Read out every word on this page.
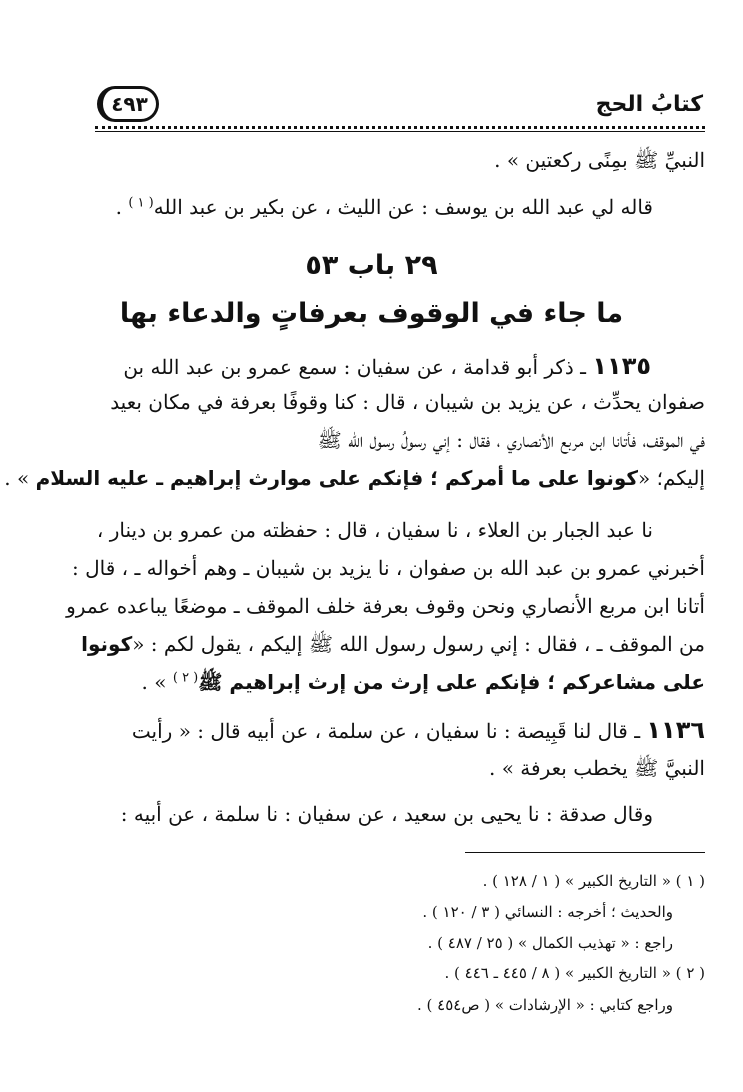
كتابُ الحج
٤٩٣
النبيِّ ﷺ بمِنًى ركعتين » .
قاله لي عبد الله بن يوسف : عن الليث ، عن بكير بن عبد الله$^{( ١ )}$ .
٢٩ باب ٥٣
ما جاء في الوقوف بعرفاتٍ والدعاء بها
١١٣٥ ـ ذكر أبو قدامة ، عن سفيان : سمع عمرو بن عبد الله بن
صفوان يحدِّث ، عن يزيد بن شيبان ، قال : كنا وقوفًا بعرفة في مكان بعيد
في الموقف، فأتانا ابن مربع الأنصاري ، فقال : إني رسولُ رسول الله ﷺ
إليكم؛ «كونوا على ما أمركم ؛ فإنكم على موارث إبراهيم ـ عليه السلام » .
نا عبد الجبار بن العلاء ، نا سفيان ، قال : حفظته من عمرو بن دينار ،
أخبرني عمرو بن عبد الله بن صفوان ، نا يزيد بن شيبان ـ وهم أخواله ـ ، قال :
أتانا ابن مربع الأنصاري ونحن وقوف بعرفة خلف الموقف ـ موضعًا يباعده عمرو
من الموقف ـ ، فقال : إني رسول رسول الله ﷺ إليكم ، يقول لكم : «كونوا
على مشاعركم ؛ فإنكم على إرث من إرث إبراهيم ﷺ$^{( ٢ )}$ » .
١١٣٦ ـ قال لنا قَبِيصة : نا سفيان ، عن سلمة ، عن أبيه قال : « رأيت
النبيَّ ﷺ يخطب بعرفة » .
وقال صدقة : نا يحيى بن سعيد ، عن سفيان : نا سلمة ، عن أبيه :
( ١ ) « التاريخ الكبير » ( ١ / ١٢٨ ) .
والحديث ؛ أخرجه : النسائي ( ٣ / ١٢٠ ) .
راجع : « تهذيب الكمال » ( ٢٥ / ٤٨٧ ) .
( ٢ ) « التاريخ الكبير » ( ٨ / ٤٤٥ ـ ٤٤٦ ) .
وراجع كتابي : « الإرشادات » ( ص٤٥٤ ) .
